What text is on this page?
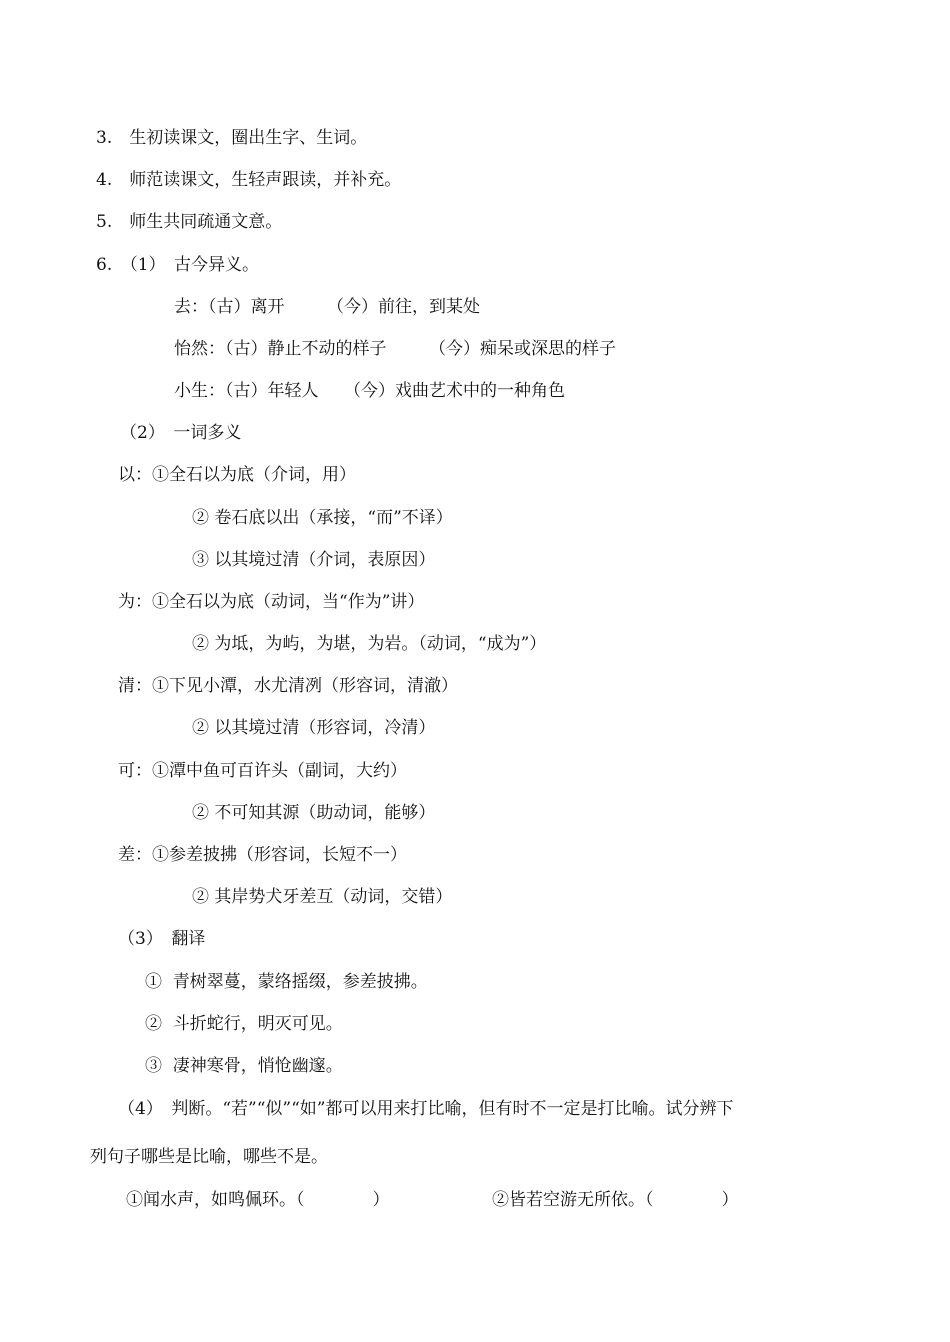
3.　生初读课文，圈出生字、生词。
4.　师范读课文，生轻声跟读，并补充。
5.　师生共同疏通文意。
6.　（1）　古今异义。
去：（古）离开　　　（今）前往，到某处
怡然：（古）静止不动的样子　　　（今）痴呆或深思的样子
小生：（古）年轻人　　（今）戏曲艺术中的一种角色
（2）　一词多义
以：①全石以为底（介词，用）
② 卷石底以出（承接，“而”不译）
③ 以其境过清（介词，表原因）
为：①全石以为底（动词，当“作为”讲）
② 为坻，为屿，为堪，为岩。（动词，“成为”）
清：①下见小潭，水尤清冽（形容词，清澈）
② 以其境过清（形容词，冷清）
可：①潭中鱼可百许头（副词，大约）
② 不可知其源（助动词，能够）
差：①参差披拂（形容词，长短不一）
② 其岸势犬牙差互（动词，交错）
（3）　翻译
①  青树翠蔓，蒙络摇缀，参差披拂。
②  斗折蛇行，明灭可见。
③  凄神寒骨，悄怆幽邃。
（4）　判断。“若”“似”“如”都可以用来打比喻，但有时不一定是打比喻。试分辨下
列句子哪些是比喻，哪些不是。
①闻水声，如鸣佩环。（　　　　）	②皆若空游无所依。（　　　　）
